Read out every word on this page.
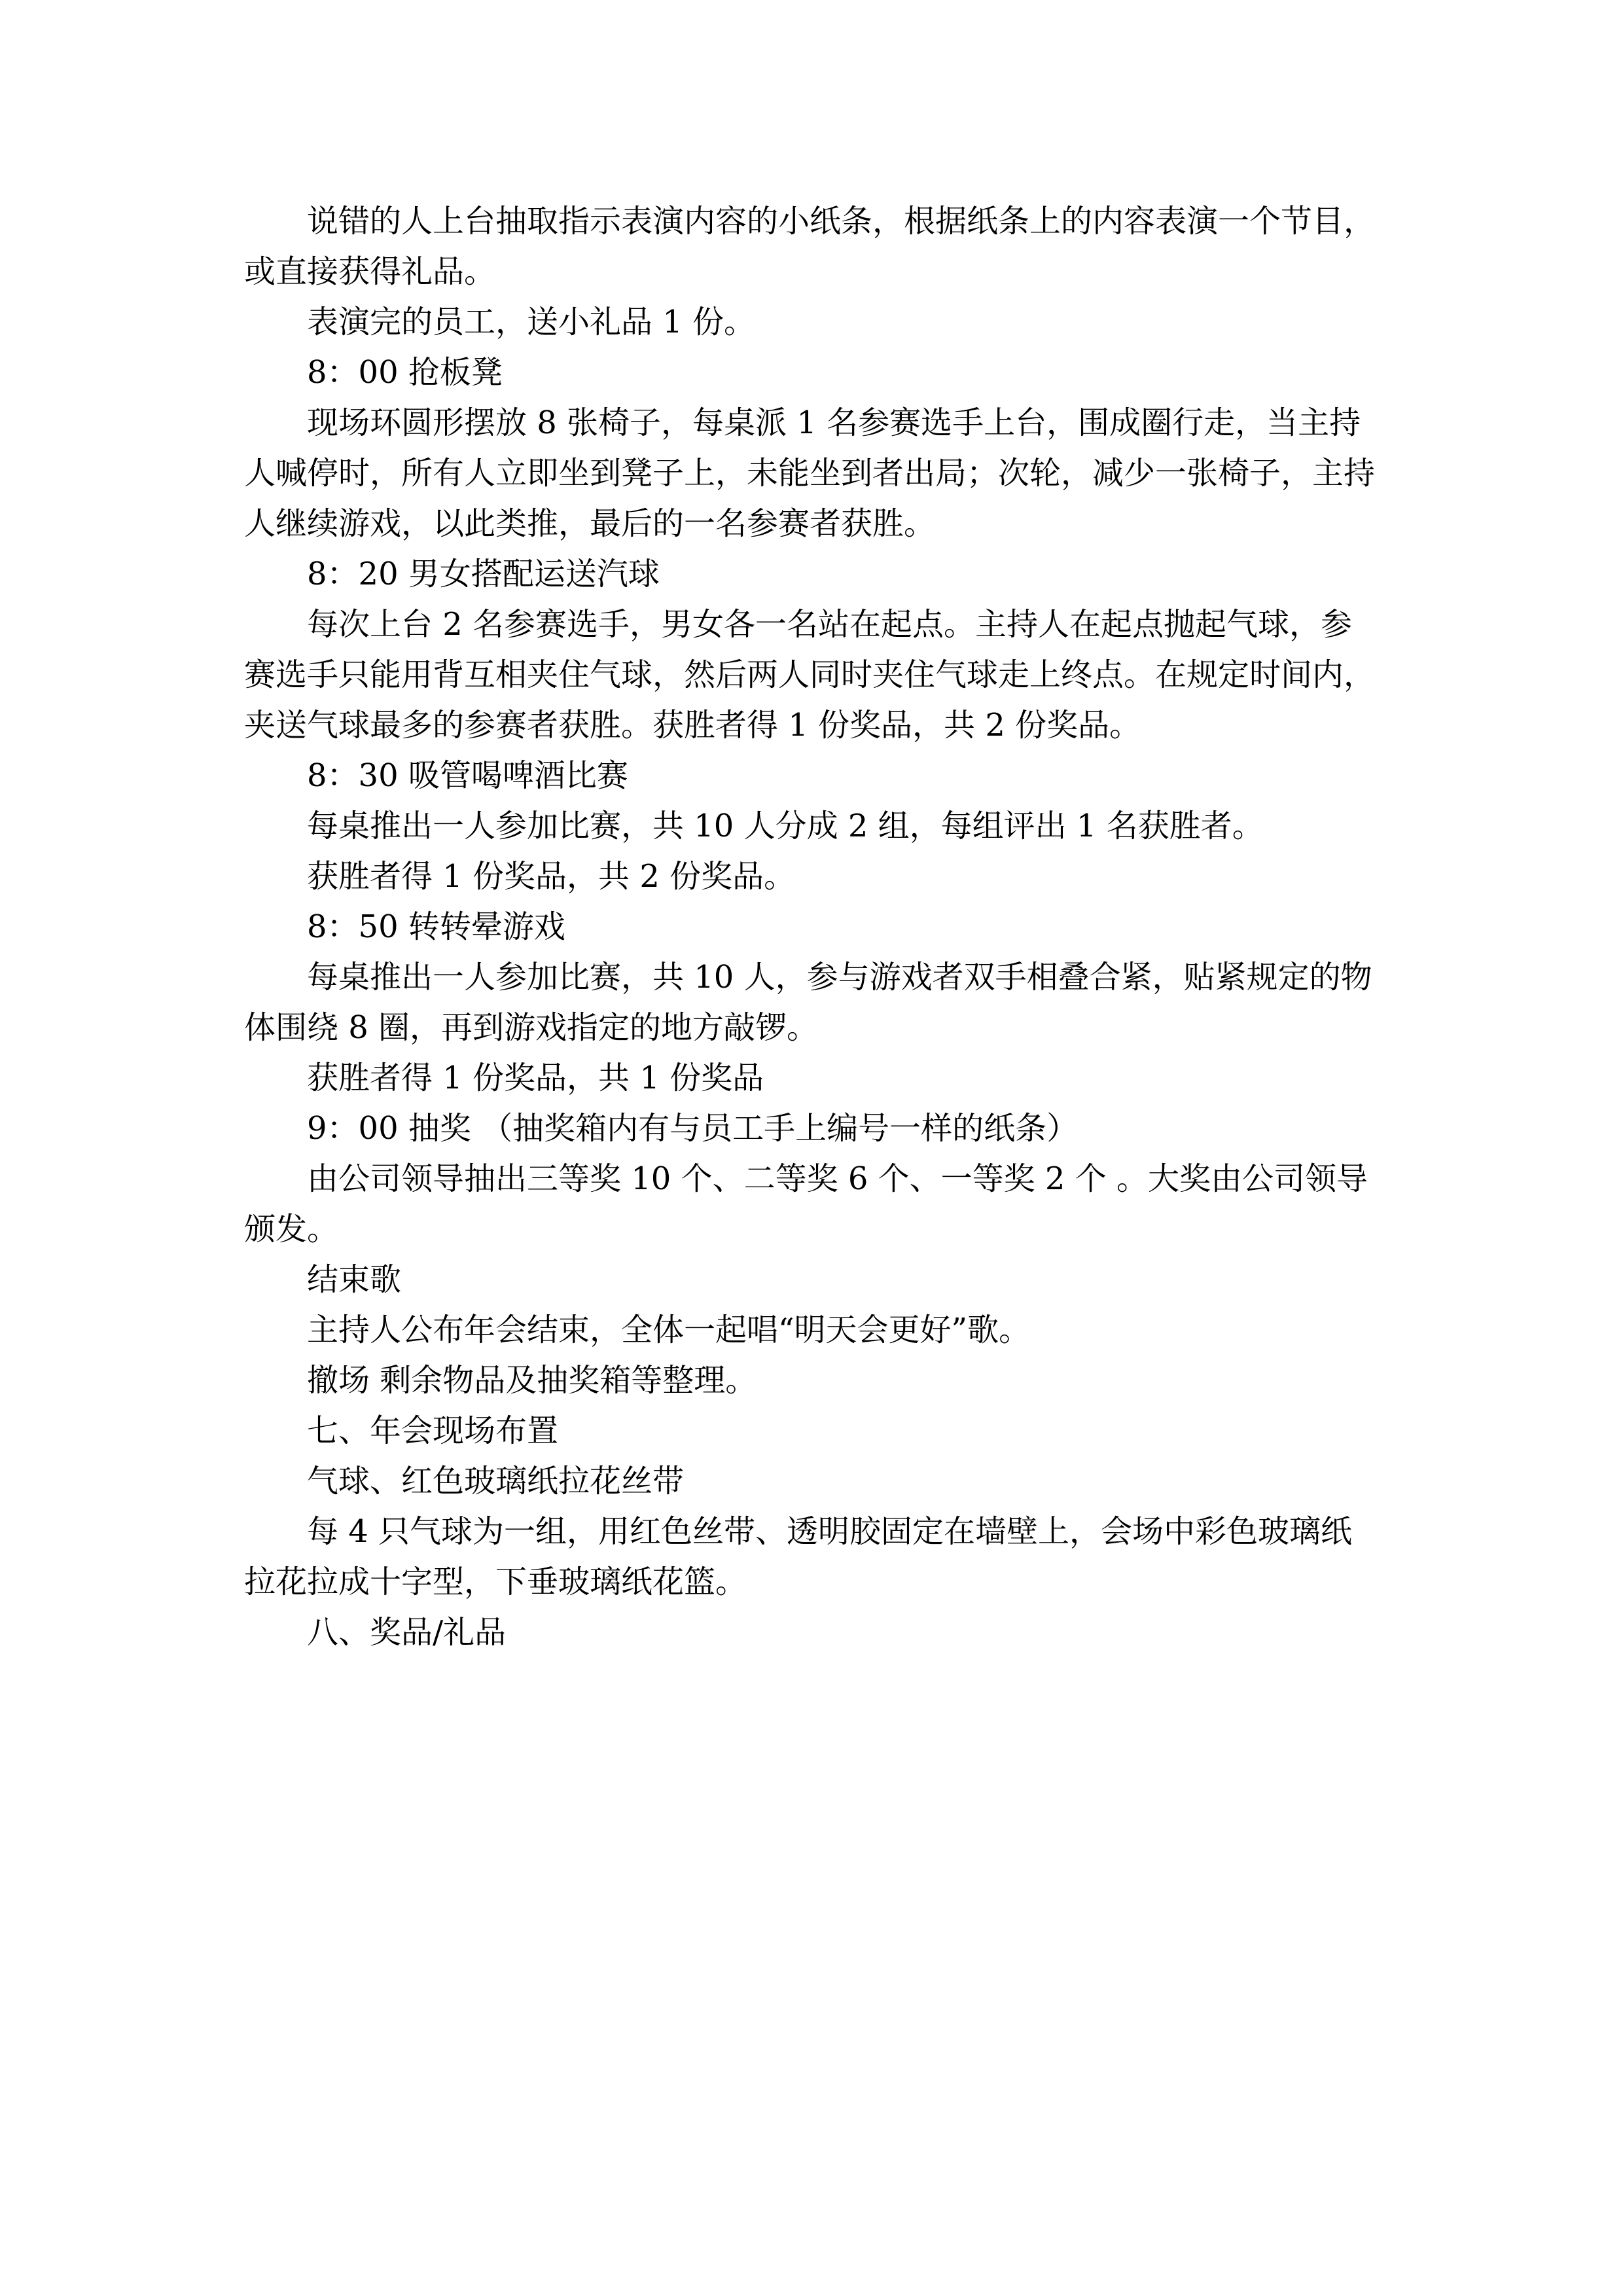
说错的人上台抽取指示表演内容的小纸条，根据纸条上的内容表演一个节目，或直接获得礼品。

表演完的员工，送小礼品 1 份。

8：00 抢板凳

现场环圆形摆放 8 张椅子，每桌派 1 名参赛选手上台，围成圈行走，当主持人喊停时，所有人立即坐到凳子上，未能坐到者出局；次轮，减少一张椅子，主持人继续游戏，以此类推，最后的一名参赛者获胜。

8：20 男女搭配运送汽球

每次上台 2 名参赛选手，男女各一名站在起点。主持人在起点抛起气球，参赛选手只能用背互相夹住气球，然后两人同时夹住气球走上终点。在规定时间内，夹送气球最多的参赛者获胜。获胜者得 1 份奖品，共 2 份奖品。

8：30 吸管喝啤酒比赛

每桌推出一人参加比赛，共 10 人分成 2 组，每组评出 1 名获胜者。

获胜者得 1 份奖品，共 2 份奖品。

8：50 转转晕游戏

每桌推出一人参加比赛，共 10 人，参与游戏者双手相叠合紧，贴紧规定的物体围绕 8 圈，再到游戏指定的地方敲锣。

获胜者得 1 份奖品，共 1 份奖品

9：00 抽奖 （抽奖箱内有与员工手上编号一样的纸条）

由公司领导抽出三等奖 10 个、二等奖 6 个、一等奖 2 个 。大奖由公司领导颁发。

结束歌

主持人公布年会结束，全体一起唱“明天会更好”歌。

撤场 剩余物品及抽奖箱等整理。

七、年会现场布置

气球、红色玻璃纸拉花丝带

每 4 只气球为一组，用红色丝带、透明胶固定在墙壁上，会场中彩色玻璃纸拉花拉成十字型，下垂玻璃纸花篮。

八、奖品/礼品
